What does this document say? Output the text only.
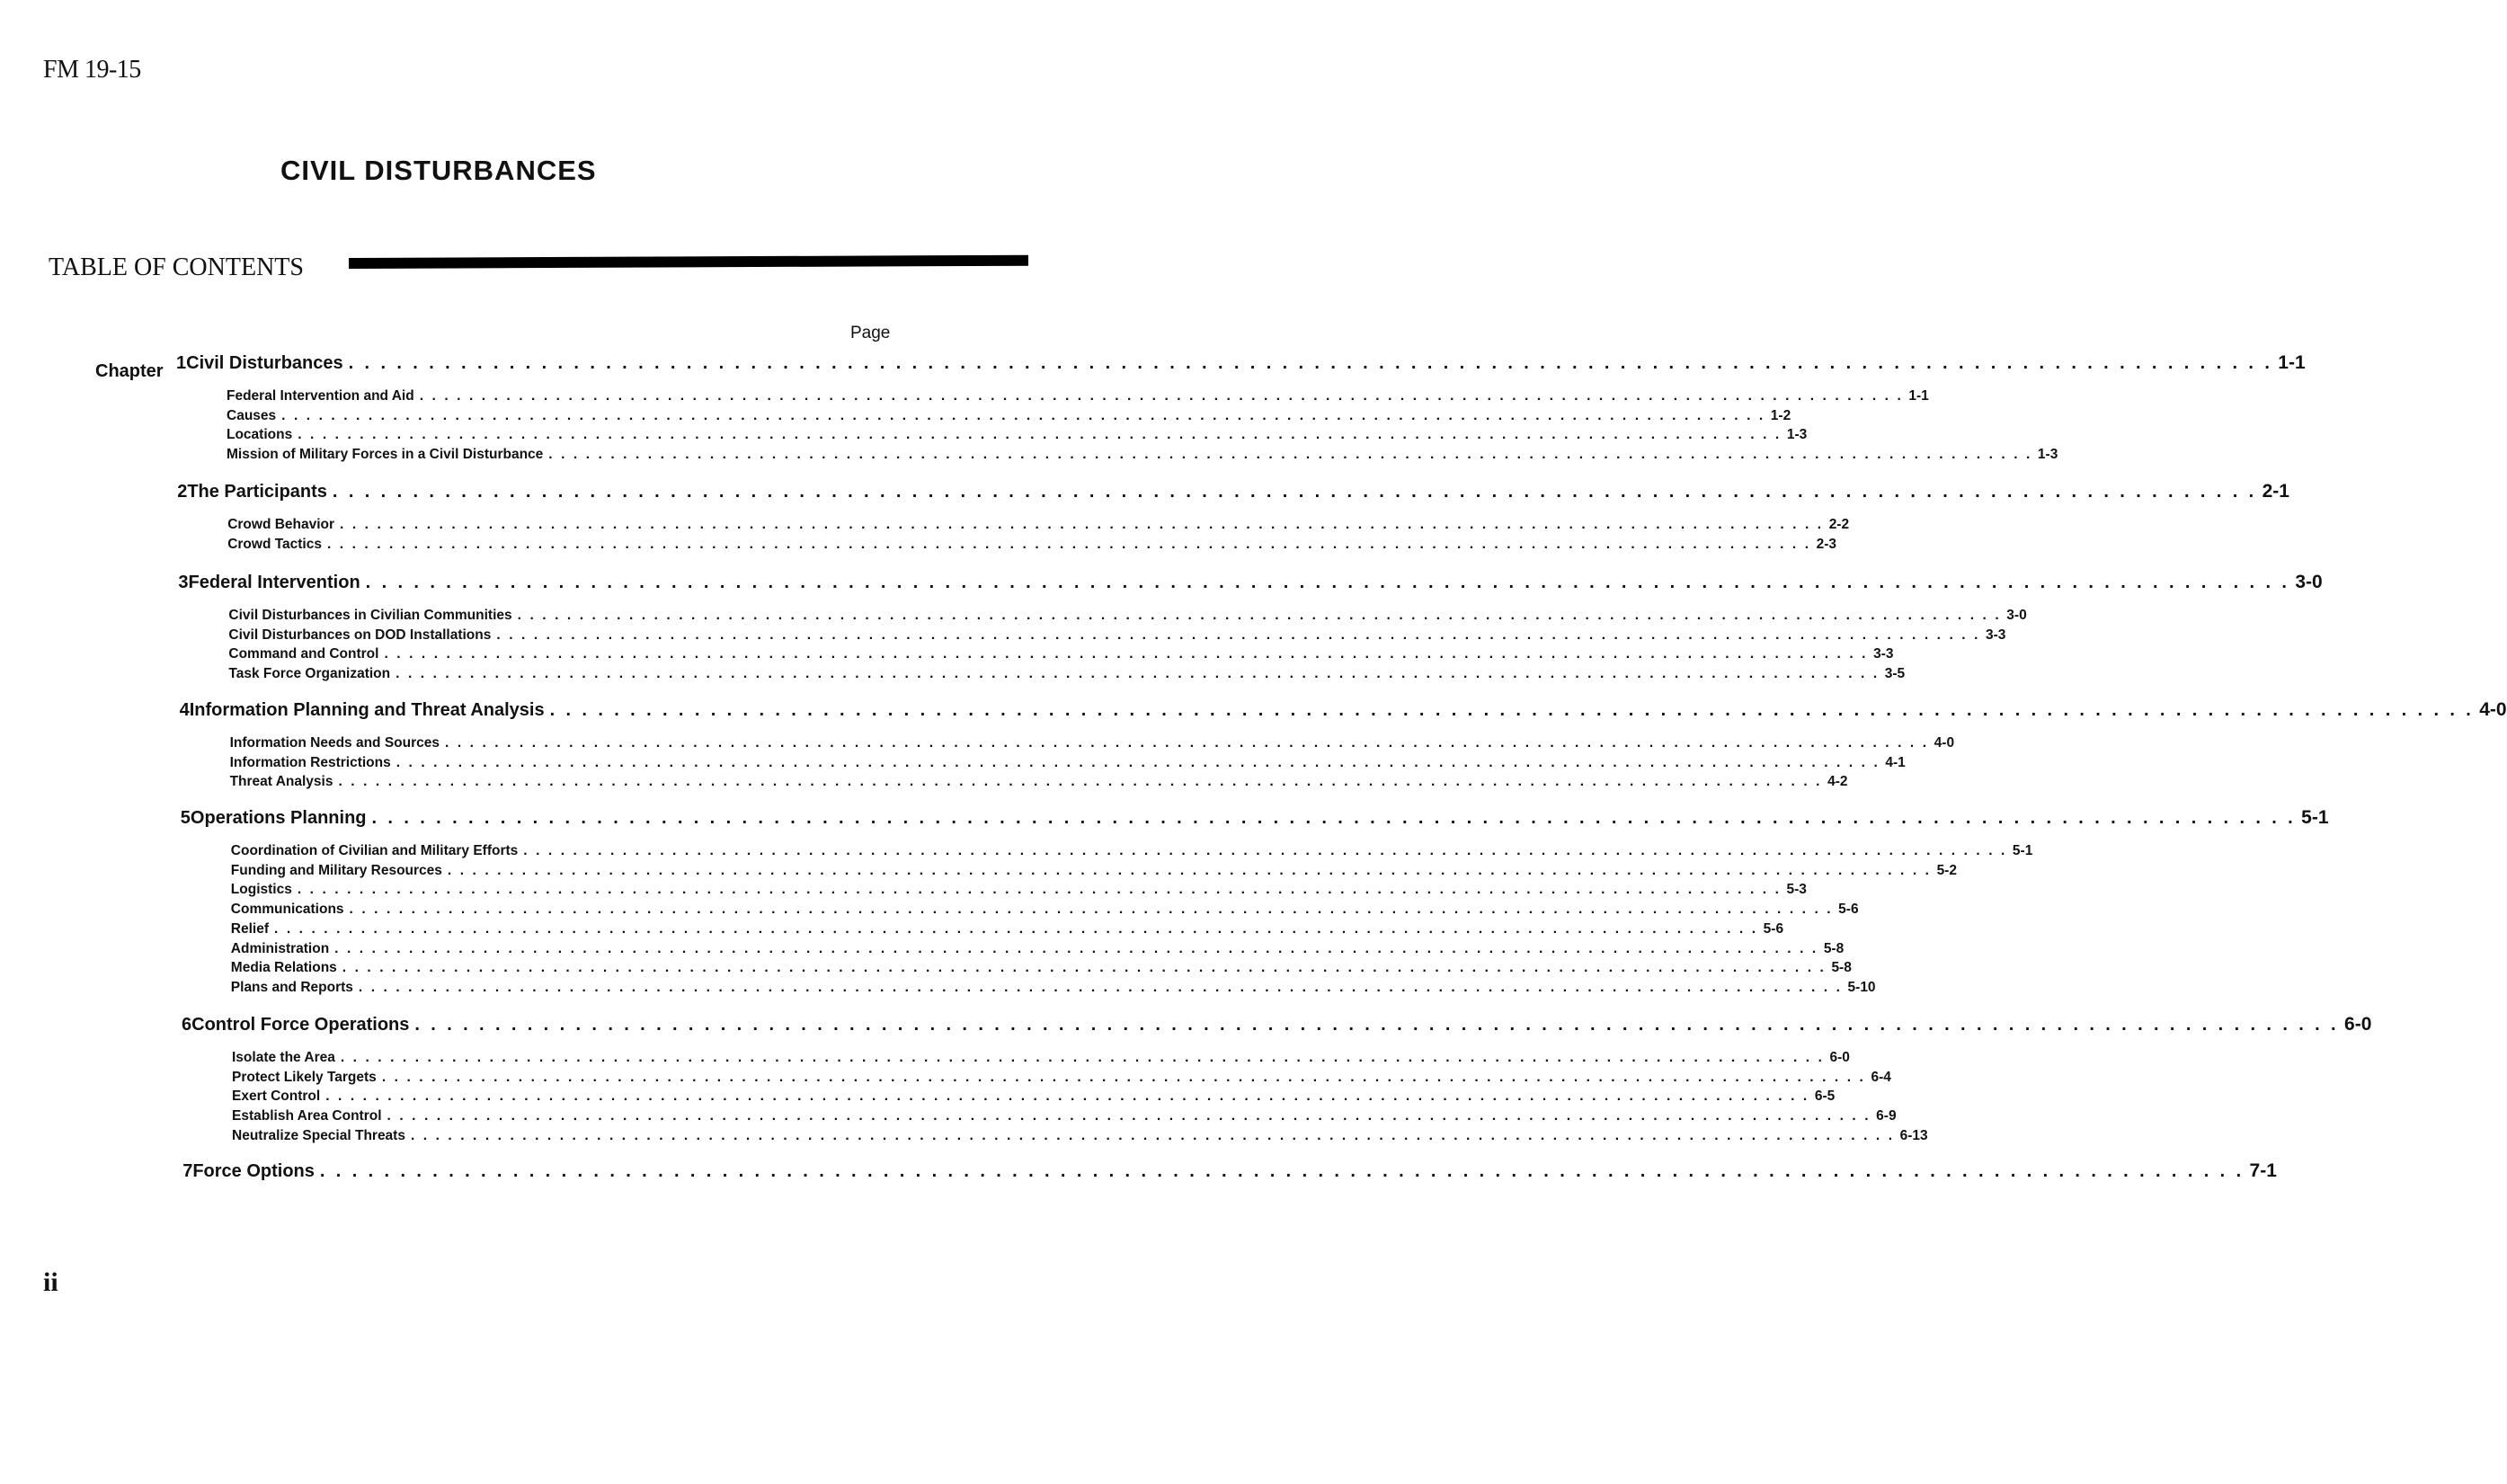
FM 19-15
CIVIL DISTURBANCES
TABLE OF CONTENTS
Page
Chapter 1 Civil Disturbances . . . . . . . . . . . . . . . . . . . . . . . . . . . . . . . . . . . . . . . . . . . . . . . . . . . . . . . . . . . . . . . . . . . . . . . . . . . . . . . . . . . . . . . . . . . . . . . . . . . . . . . . . . . . . . . . . . . . . . . . 1-1
Federal Intervention and Aid . . . . . . . . . . . . . . . . . . . . . . . . . . . . . . . . . . . . . . . . . . . . . . . . . . . . . . . . . . . . . . . . . . . . . . . . . . . . . . . . . . . . . . . . . . . . . . . . . . . . . . . . . . . . . . . . . . . . . . . . 1-1
Causes . . . . . . . . . . . . . . . . . . . . . . . . . . . . . . . . . . . . . . . . . . . . . . . . . . . . . . . . . . . . . . . . . . . . . . . . . . . . . . . . . . . . . . . . . . . . . . . . . . . . . . . . . . . . . . . . . . . . . . . . 1-2
Locations . . . . . . . . . . . . . . . . . . . . . . . . . . . . . . . . . . . . . . . . . . . . . . . . . . . . . . . . . . . . . . . . . . . . . . . . . . . . . . . . . . . . . . . . . . . . . . . . . . . . . . . . . . . . . . . . . . . . . . . . 1-3
Mission of Military Forces in a Civil Disturbance . . . . . . . . . . . . . . . . . . . . . . . . . . . . . . . . . . . . . . . . . . . . . . . . . . . . . . . . . . . . . . . . . . . . . . . . . . . . . . . . . . . . . . . . . . . . . . . . . . . . . . . . . . . . . . . . . . . . . . . . 1-3
2 The Participants . . . . . . . . . . . . . . . . . . . . . . . . . . . . . . . . . . . . . . . . . . . . . . . . . . . . . . . . . . . . . . . . . . . . . . . . . . . . . . . . . . . . . . . . . . . . . . . . . . . . . . . . . . . . . . . . . . . . . . . . 2-1
Crowd Behavior . . . . . . . . . . . . . . . . . . . . . . . . . . . . . . . . . . . . . . . . . . . . . . . . . . . . . . . . . . . . . . . . . . . . . . . . . . . . . . . . . . . . . . . . . . . . . . . . . . . . . . . . . . . . . . . . . . . . . . . . 2-2
Crowd Tactics . . . . . . . . . . . . . . . . . . . . . . . . . . . . . . . . . . . . . . . . . . . . . . . . . . . . . . . . . . . . . . . . . . . . . . . . . . . . . . . . . . . . . . . . . . . . . . . . . . . . . . . . . . . . . . . . . . . . . . . . 2-3
3 Federal Intervention . . . . . . . . . . . . . . . . . . . . . . . . . . . . . . . . . . . . . . . . . . . . . . . . . . . . . . . . . . . . . . . . . . . . . . . . . . . . . . . . . . . . . . . . . . . . . . . . . . . . . . . . . . . . . . . . . . . . . . . . 3-0
Civil Disturbances in Civilian Communities . . . . . . . . . . . . . . . . . . . . . . . . . . . . . . . . . . . . . . . . . . . . . . . . . . . . . . . . . . . . . . . . . . . . . . . . . . . . . . . . . . . . . . . . . . . . . . . . . . . . . . . . . . . . . . . . . . . . . . . . 3-0
Civil Disturbances on DOD Installations . . . . . . . . . . . . . . . . . . . . . . . . . . . . . . . . . . . . . . . . . . . . . . . . . . . . . . . . . . . . . . . . . . . . . . . . . . . . . . . . . . . . . . . . . . . . . . . . . . . . . . . . . . . . . . . . . . . . . . . . 3-3
Command and Control . . . . . . . . . . . . . . . . . . . . . . . . . . . . . . . . . . . . . . . . . . . . . . . . . . . . . . . . . . . . . . . . . . . . . . . . . . . . . . . . . . . . . . . . . . . . . . . . . . . . . . . . . . . . . . . . . . . . . . . . 3-3
Task Force Organization . . . . . . . . . . . . . . . . . . . . . . . . . . . . . . . . . . . . . . . . . . . . . . . . . . . . . . . . . . . . . . . . . . . . . . . . . . . . . . . . . . . . . . . . . . . . . . . . . . . . . . . . . . . . . . . . . . . . . . . . 3-5
4 Information Planning and Threat Analysis . . . . . . . . . . . . . . . . . . . . . . . . . . . . . . . . . . . . . . . . . . . . . . . . . . . . . . . . . . . . . . . . . . . . . . . . . . . . . . . . . . . . . . . . . . . . . . . . . . . . . . . . . . . . . . . . . . . . . . . . 4-0
Information Needs and Sources . . . . . . . . . . . . . . . . . . . . . . . . . . . . . . . . . . . . . . . . . . . . . . . . . . . . . . . . . . . . . . . . . . . . . . . . . . . . . . . . . . . . . . . . . . . . . . . . . . . . . . . . . . . . . . . . . . . . . . . . 4-0
Information Restrictions . . . . . . . . . . . . . . . . . . . . . . . . . . . . . . . . . . . . . . . . . . . . . . . . . . . . . . . . . . . . . . . . . . . . . . . . . . . . . . . . . . . . . . . . . . . . . . . . . . . . . . . . . . . . . . . . . . . . . . . . 4-1
Threat Analysis . . . . . . . . . . . . . . . . . . . . . . . . . . . . . . . . . . . . . . . . . . . . . . . . . . . . . . . . . . . . . . . . . . . . . . . . . . . . . . . . . . . . . . . . . . . . . . . . . . . . . . . . . . . . . . . . . . . . . . . . 4-2
5 Operations Planning . . . . . . . . . . . . . . . . . . . . . . . . . . . . . . . . . . . . . . . . . . . . . . . . . . . . . . . . . . . . . . . . . . . . . . . . . . . . . . . . . . . . . . . . . . . . . . . . . . . . . . . . . . . . . . . . . . . . . . . . 5-1
Coordination of Civilian and Military Efforts . . . . . . . . . . . . . . . . . . . . . . . . . . . . . . . . . . . . . . . . . . . . . . . . . . . . . . . . . . . . . . . . . . . . . . . . . . . . . . . . . . . . . . . . . . . . . . . . . . . . . . . . . . . . . . . . . . . . . . . . 5-1
Funding and Military Resources . . . . . . . . . . . . . . . . . . . . . . . . . . . . . . . . . . . . . . . . . . . . . . . . . . . . . . . . . . . . . . . . . . . . . . . . . . . . . . . . . . . . . . . . . . . . . . . . . . . . . . . . . . . . . . . . . . . . . . . . 5-2
Logistics . . . . . . . . . . . . . . . . . . . . . . . . . . . . . . . . . . . . . . . . . . . . . . . . . . . . . . . . . . . . . . . . . . . . . . . . . . . . . . . . . . . . . . . . . . . . . . . . . . . . . . . . . . . . . . . . . . . . . . . . 5-3
Communications . . . . . . . . . . . . . . . . . . . . . . . . . . . . . . . . . . . . . . . . . . . . . . . . . . . . . . . . . . . . . . . . . . . . . . . . . . . . . . . . . . . . . . . . . . . . . . . . . . . . . . . . . . . . . . . . . . . . . . . . 5-6
Relief . . . . . . . . . . . . . . . . . . . . . . . . . . . . . . . . . . . . . . . . . . . . . . . . . . . . . . . . . . . . . . . . . . . . . . . . . . . . . . . . . . . . . . . . . . . . . . . . . . . . . . . . . . . . . . . . . . . . . . . . 5-6
Administration . . . . . . . . . . . . . . . . . . . . . . . . . . . . . . . . . . . . . . . . . . . . . . . . . . . . . . . . . . . . . . . . . . . . . . . . . . . . . . . . . . . . . . . . . . . . . . . . . . . . . . . . . . . . . . . . . . . . . . . . 5-8
Media Relations . . . . . . . . . . . . . . . . . . . . . . . . . . . . . . . . . . . . . . . . . . . . . . . . . . . . . . . . . . . . . . . . . . . . . . . . . . . . . . . . . . . . . . . . . . . . . . . . . . . . . . . . . . . . . . . . . . . . . . . . 5-8
Plans and Reports . . . . . . . . . . . . . . . . . . . . . . . . . . . . . . . . . . . . . . . . . . . . . . . . . . . . . . . . . . . . . . . . . . . . . . . . . . . . . . . . . . . . . . . . . . . . . . . . . . . . . . . . . . . . . . . . . . . . . . . . 5-10
6 Control Force Operations . . . . . . . . . . . . . . . . . . . . . . . . . . . . . . . . . . . . . . . . . . . . . . . . . . . . . . . . . . . . . . . . . . . . . . . . . . . . . . . . . . . . . . . . . . . . . . . . . . . . . . . . . . . . . . . . . . . . . . . . 6-0
Isolate the Area . . . . . . . . . . . . . . . . . . . . . . . . . . . . . . . . . . . . . . . . . . . . . . . . . . . . . . . . . . . . . . . . . . . . . . . . . . . . . . . . . . . . . . . . . . . . . . . . . . . . . . . . . . . . . . . . . . . . . . . . 6-0
Protect Likely Targets . . . . . . . . . . . . . . . . . . . . . . . . . . . . . . . . . . . . . . . . . . . . . . . . . . . . . . . . . . . . . . . . . . . . . . . . . . . . . . . . . . . . . . . . . . . . . . . . . . . . . . . . . . . . . . . . . . . . . . . . 6-4
Exert Control . . . . . . . . . . . . . . . . . . . . . . . . . . . . . . . . . . . . . . . . . . . . . . . . . . . . . . . . . . . . . . . . . . . . . . . . . . . . . . . . . . . . . . . . . . . . . . . . . . . . . . . . . . . . . . . . . . . . . . . . 6-5
Establish Area Control . . . . . . . . . . . . . . . . . . . . . . . . . . . . . . . . . . . . . . . . . . . . . . . . . . . . . . . . . . . . . . . . . . . . . . . . . . . . . . . . . . . . . . . . . . . . . . . . . . . . . . . . . . . . . . . . . . . . . . . . 6-9
Neutralize Special Threats . . . . . . . . . . . . . . . . . . . . . . . . . . . . . . . . . . . . . . . . . . . . . . . . . . . . . . . . . . . . . . . . . . . . . . . . . . . . . . . . . . . . . . . . . . . . . . . . . . . . . . . . . . . . . . . . . . . . . . . . 6-13
7 Force Options . . . . . . . . . . . . . . . . . . . . . . . . . . . . . . . . . . . . . . . . . . . . . . . . . . . . . . . . . . . . . . . . . . . . . . . . . . . . . . . . . . . . . . . . . . . . . . . . . . . . . . . . . . . . . . . . . . . . . . . . 7-1
ii
